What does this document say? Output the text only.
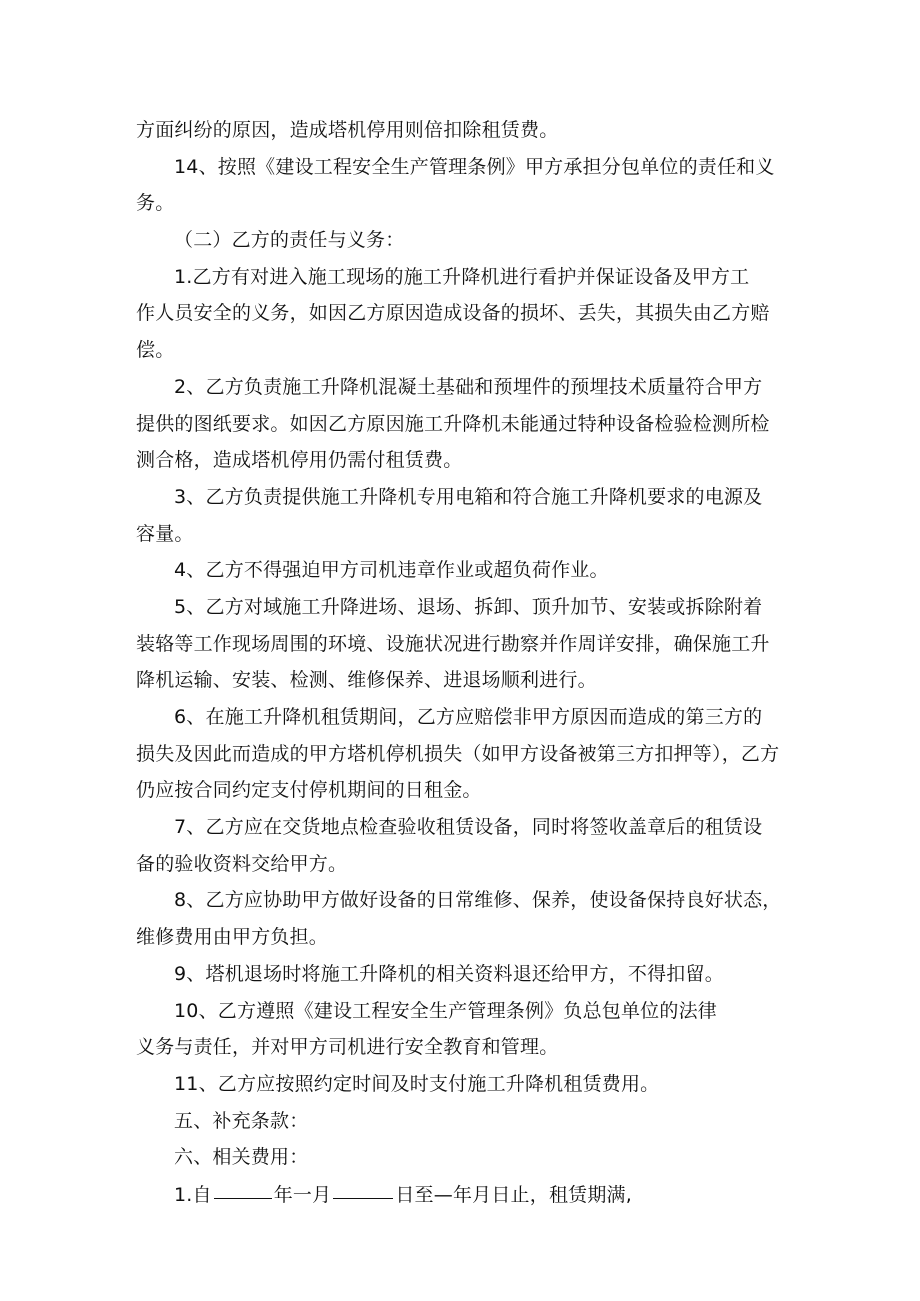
方面纠纷的原因，造成塔机停用则倍扣除租赁费。
14、按照《建设工程安全生产管理条例》甲方承担分包单位的责任和义
务。
（二）乙方的责任与义务：
1.乙方有对进入施工现场的施工升降机进行看护并保证设备及甲方工
作人员安全的义务，如因乙方原因造成设备的损坏、丢失，其损失由乙方赔
偿。
2、乙方负责施工升降机混凝土基础和预埋件的预埋技术质量符合甲方
提供的图纸要求。如因乙方原因施工升降机未能通过特种设备检验检测所检
测合格，造成塔机停用仍需付租赁费。
3、乙方负责提供施工升降机专用电箱和符合施工升降机要求的电源及
容量。
4、乙方不得强迫甲方司机违章作业或超负荷作业。
5、乙方对域施工升降进场、退场、拆卸、顶升加节、安装或拆除附着
装辂等工作现场周围的环境、设施状况进行勘察并作周详安排，确保施工升
降机运输、安装、检测、维修保养、进退场顺利进行。
6、在施工升降机租赁期间，乙方应赔偿非甲方原因而造成的第三方的
损失及因此而造成的甲方塔机停机损失（如甲方设备被第三方扣押等），乙方
仍应按合同约定支付停机期间的日租金。
7、乙方应在交货地点检查验收租赁设备，同时将签收盖章后的租赁设
备的验收资料交给甲方。
8、乙方应协助甲方做好设备的日常维修、保养，使设备保持良好状态，
维修费用由甲方负担。
9、塔机退场时将施工升降机的相关资料退还给甲方，不得扣留。
10、乙方遵照《建设工程安全生产管理条例》负总包单位的法律
义务与责任，并对甲方司机进行安全教育和管理。
11、乙方应按照约定时间及时支付施工升降机租赁费用。
五、补充条款：
六、相关费用：
1.自	年一月	日至—年月日止，租赁期满,
